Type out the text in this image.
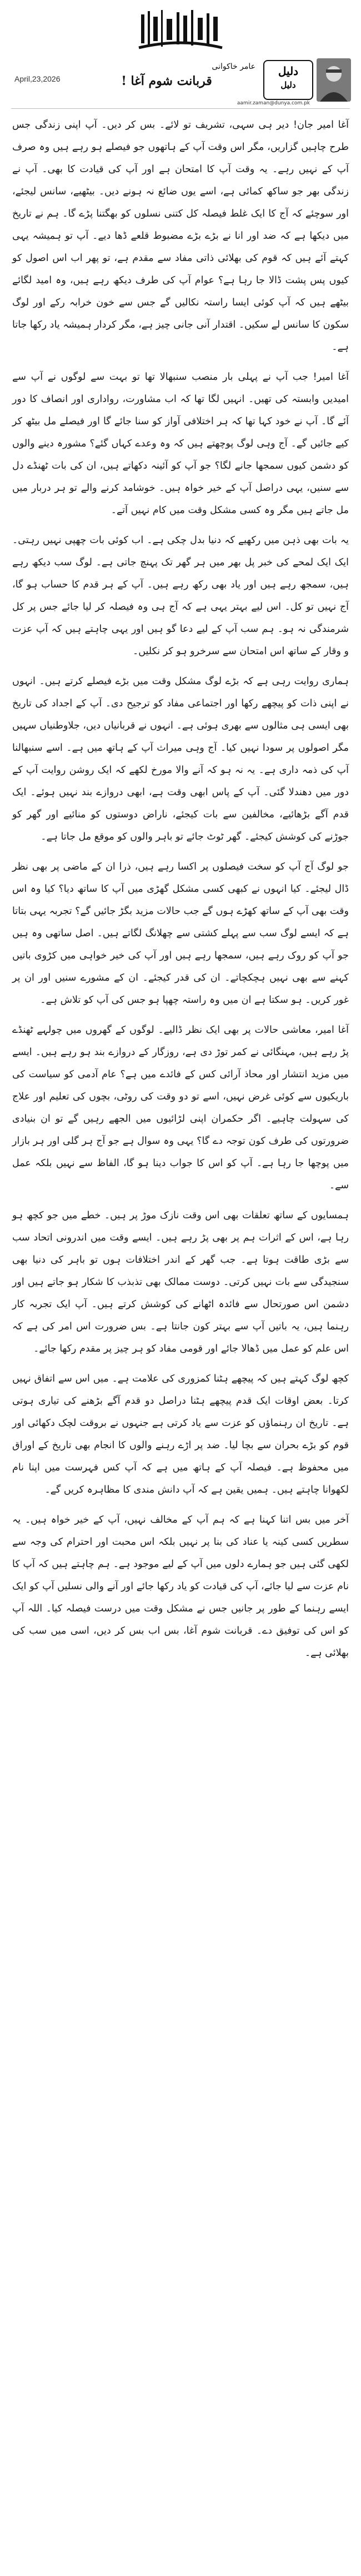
دلیل
دلیل
عامر خاکوانی
aamir.zaman@dunya.com.pk
April,23,2026	قربانت شوم آغا !

آغا امیر جان! دیر ہی سہی، تشریف تو لائے۔ بس کر دیں۔ آپ اپنی زندگی جس طرح چاہیں گزاریں، مگر اس وقت آپ کے ہاتھوں جو فیصلے ہو رہے ہیں وہ صرف آپ کے نہیں رہے۔ یہ وقت آپ کا امتحان ہے اور آپ کی قیادت کا بھی۔ آپ نے زندگی بھر جو ساکھ کمائی ہے، اسے یوں ضائع نہ ہونے دیں۔ بیٹھیے، سانس لیجئے، اور سوچئے کہ آج کا ایک غلط فیصلہ کل کتنی نسلوں کو بھگتنا پڑے گا۔ ہم نے تاریخ میں دیکھا ہے کہ ضد اور انا نے بڑے بڑے مضبوط قلعے ڈھا دیے۔ آپ تو ہمیشہ یہی کہتے آئے ہیں کہ قوم کی بھلائی ذاتی مفاد سے مقدم ہے، تو پھر اب اس اصول کو کیوں پس پشت ڈالا جا رہا ہے؟ عوام آپ کی طرف دیکھ رہے ہیں، وہ امید لگائے بیٹھے ہیں کہ آپ کوئی ایسا راستہ نکالیں گے جس سے خون خرابہ رکے اور لوگ سکون کا سانس لے سکیں۔ اقتدار آنی جانی چیز ہے، مگر کردار ہمیشہ یاد رکھا جاتا ہے۔

آغا امیر! جب آپ نے پہلی بار منصب سنبھالا تھا تو بہت سے لوگوں نے آپ سے امیدیں وابستہ کی تھیں۔ انہیں لگا تھا کہ اب مشاورت، رواداری اور انصاف کا دور آئے گا۔ آپ نے خود کہا تھا کہ ہر اختلافی آواز کو سنا جائے گا اور فیصلے مل بیٹھ کر کیے جائیں گے۔ آج وہی لوگ پوچھتے ہیں کہ وہ وعدے کہاں گئے؟ مشورہ دینے والوں کو دشمن کیوں سمجھا جانے لگا؟ جو آپ کو آئینہ دکھاتے ہیں، ان کی بات ٹھنڈے دل سے سنیں، یہی دراصل آپ کے خیر خواہ ہیں۔ خوشامد کرنے والے تو ہر دربار میں مل جاتے ہیں مگر وہ کسی مشکل وقت میں کام نہیں آتے۔

یہ بات بھی ذہن میں رکھیے کہ دنیا بدل چکی ہے۔ اب کوئی بات چھپی نہیں رہتی۔ ایک ایک لمحے کی خبر پل بھر میں ہر گھر تک پہنچ جاتی ہے۔ لوگ سب دیکھ رہے ہیں، سمجھ رہے ہیں اور یاد بھی رکھ رہے ہیں۔ آپ کے ہر قدم کا حساب ہو گا، آج نہیں تو کل۔ اس لیے بہتر یہی ہے کہ آج ہی وہ فیصلہ کر لیا جائے جس پر کل شرمندگی نہ ہو۔ ہم سب آپ کے لیے دعا گو ہیں اور یہی چاہتے ہیں کہ آپ عزت و وقار کے ساتھ اس امتحان سے سرخرو ہو کر نکلیں۔

ہماری روایت رہی ہے کہ بڑے لوگ مشکل وقت میں بڑے فیصلے کرتے ہیں۔ انہوں نے اپنی ذات کو پیچھے رکھا اور اجتماعی مفاد کو ترجیح دی۔ آپ کے اجداد کی تاریخ بھی ایسی ہی مثالوں سے بھری ہوئی ہے۔ انہوں نے قربانیاں دیں، جلاوطنیاں سہیں مگر اصولوں پر سودا نہیں کیا۔ آج وہی میراث آپ کے ہاتھ میں ہے۔ اسے سنبھالنا آپ کی ذمہ داری ہے۔ یہ نہ ہو کہ آنے والا مورخ لکھے کہ ایک روشن روایت آپ کے دور میں دھندلا گئی۔ آپ کے پاس ابھی وقت ہے، ابھی دروازے بند نہیں ہوئے۔ ایک قدم آگے بڑھائیے، مخالفین سے بات کیجئے، ناراض دوستوں کو منائیے اور گھر کو جوڑنے کی کوشش کیجئے۔ گھر ٹوٹ جائے تو باہر والوں کو موقع مل جاتا ہے۔

جو لوگ آج آپ کو سخت فیصلوں پر اکسا رہے ہیں، ذرا ان کے ماضی پر بھی نظر ڈال لیجئے۔ کیا انہوں نے کبھی کسی مشکل گھڑی میں آپ کا ساتھ دیا؟ کیا وہ اس وقت بھی آپ کے ساتھ کھڑے ہوں گے جب حالات مزید بگڑ جائیں گے؟ تجربہ یہی بتاتا ہے کہ ایسے لوگ سب سے پہلے کشتی سے چھلانگ لگاتے ہیں۔ اصل ساتھی وہ ہیں جو آپ کو روک رہے ہیں، سمجھا رہے ہیں اور آپ کی خیر خواہی میں کڑوی باتیں کہنے سے بھی نہیں ہچکچاتے۔ ان کی قدر کیجئے۔ ان کے مشورے سنیں اور ان پر غور کریں۔ ہو سکتا ہے ان میں وہ راستہ چھپا ہو جس کی آپ کو تلاش ہے۔

آغا امیر، معاشی حالات پر بھی ایک نظر ڈالیے۔ لوگوں کے گھروں میں چولہے ٹھنڈے پڑ رہے ہیں، مہنگائی نے کمر توڑ دی ہے، روزگار کے دروازے بند ہو رہے ہیں۔ ایسے میں مزید انتشار اور محاذ آرائی کس کے فائدے میں ہے؟ عام آدمی کو سیاست کی باریکیوں سے کوئی غرض نہیں، اسے تو دو وقت کی روٹی، بچوں کی تعلیم اور علاج کی سہولت چاہیے۔ اگر حکمران اپنی لڑائیوں میں الجھے رہیں گے تو ان بنیادی ضرورتوں کی طرف کون توجہ دے گا؟ یہی وہ سوال ہے جو آج ہر گلی اور ہر بازار میں پوچھا جا رہا ہے۔ آپ کو اس کا جواب دینا ہو گا، الفاظ سے نہیں بلکہ عمل سے۔

ہمسایوں کے ساتھ تعلقات بھی اس وقت نازک موڑ پر ہیں۔ خطے میں جو کچھ ہو رہا ہے، اس کے اثرات ہم پر بھی پڑ رہے ہیں۔ ایسے وقت میں اندرونی اتحاد سب سے بڑی طاقت ہوتا ہے۔ جب گھر کے اندر اختلافات ہوں تو باہر کی دنیا بھی سنجیدگی سے بات نہیں کرتی۔ دوست ممالک بھی تذبذب کا شکار ہو جاتے ہیں اور دشمن اس صورتحال سے فائدہ اٹھانے کی کوشش کرتے ہیں۔ آپ ایک تجربہ کار رہنما ہیں، یہ باتیں آپ سے بہتر کون جانتا ہے۔ بس ضرورت اس امر کی ہے کہ اس علم کو عمل میں ڈھالا جائے اور قومی مفاد کو ہر چیز پر مقدم رکھا جائے۔

کچھ لوگ کہتے ہیں کہ پیچھے ہٹنا کمزوری کی علامت ہے۔ میں اس سے اتفاق نہیں کرتا۔ بعض اوقات ایک قدم پیچھے ہٹنا دراصل دو قدم آگے بڑھنے کی تیاری ہوتی ہے۔ تاریخ ان رہنماؤں کو عزت سے یاد کرتی ہے جنہوں نے بروقت لچک دکھائی اور قوم کو بڑے بحران سے بچا لیا۔ ضد پر اڑے رہنے والوں کا انجام بھی تاریخ کے اوراق میں محفوظ ہے۔ فیصلہ آپ کے ہاتھ میں ہے کہ آپ کس فہرست میں اپنا نام لکھوانا چاہتے ہیں۔ ہمیں یقین ہے کہ آپ دانش مندی کا مظاہرہ کریں گے۔

آخر میں بس اتنا کہنا ہے کہ ہم آپ کے مخالف نہیں، آپ کے خیر خواہ ہیں۔ یہ سطریں کسی کینہ یا عناد کی بنا پر نہیں بلکہ اس محبت اور احترام کی وجہ سے لکھی گئی ہیں جو ہمارے دلوں میں آپ کے لیے موجود ہے۔ ہم چاہتے ہیں کہ آپ کا نام عزت سے لیا جائے، آپ کی قیادت کو یاد رکھا جائے اور آنے والی نسلیں آپ کو ایک ایسے رہنما کے طور پر جانیں جس نے مشکل وقت میں درست فیصلہ کیا۔ اللہ آپ کو اس کی توفیق دے۔ قربانت شوم آغا، بس اب بس کر دیں، اسی میں سب کی بھلائی ہے۔
